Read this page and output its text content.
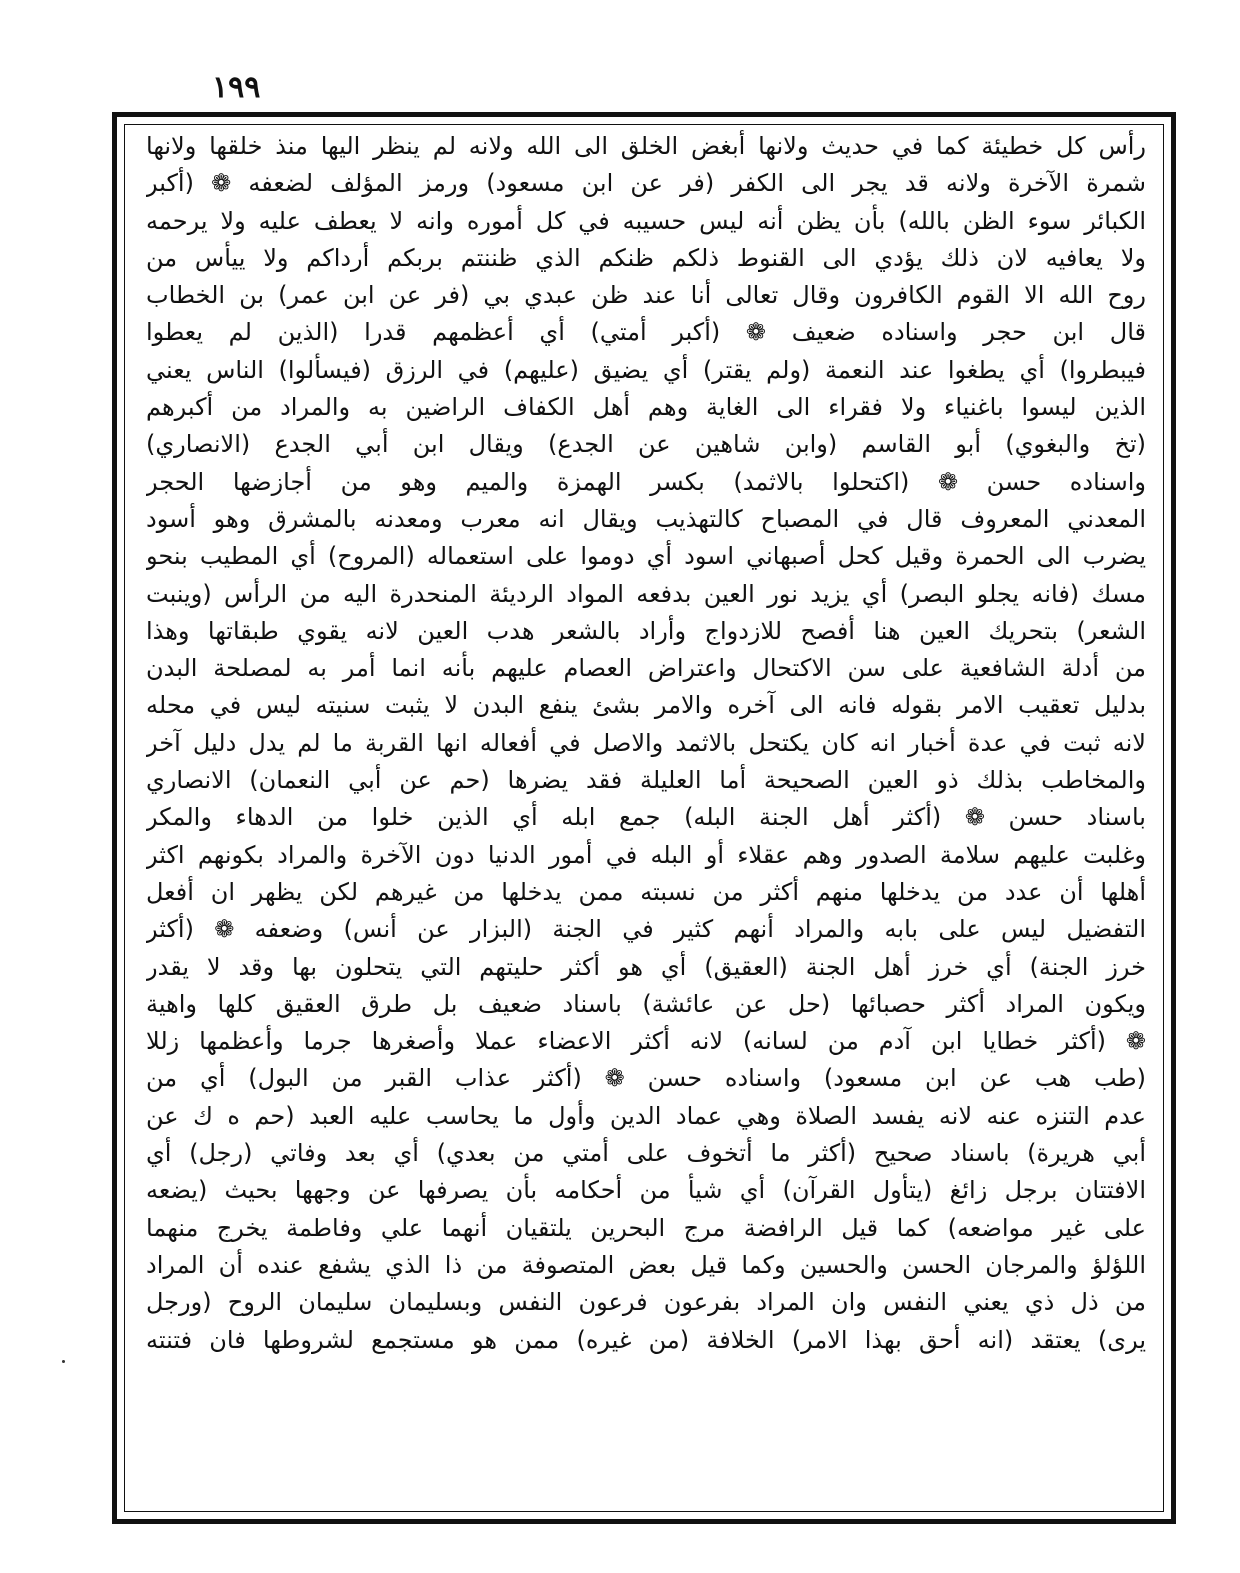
١٩٩
رأس كل خطيئة كما في حديث ولانها أبغض الخلق الى الله ولانه لم ينظر اليها منذ خلقها ولانها
شمرة الآخرة ولانه قد يجر الى الكفر (فر عن ابن مسعود) ورمز المؤلف لضعفه ❁ (أكبر
الكبائر سوء الظن بالله) بأن يظن أنه ليس حسيبه في كل أموره وانه لا يعطف عليه ولا يرحمه
ولا يعافيه لان ذلك يؤدي الى القنوط ذلكم ظنكم الذي ظننتم بربكم أرداكم ولا ييأس من
روح الله الا القوم الكافرون وقال تعالى أنا عند ظن عبدي بي (فر عن ابن عمر) بن الخطاب
قال ابن حجر واسناده ضعيف ❁ (أكبر أمتي) أي أعظمهم قدرا (الذين لم يعطوا
فيبطروا) أي يطغوا عند النعمة (ولم يقتر) أي يضيق (عليهم) في الرزق (فيسألوا) الناس يعني
الذين ليسوا باغنياء ولا فقراء الى الغاية وهم أهل الكفاف الراضين به والمراد من أكبرهم
(تخ والبغوي) أبو القاسم (وابن شاهين عن الجدع) ويقال ابن أبي الجدع (الانصاري)
واسناده حسن ❁ (اكتحلوا بالاثمد) بكسر الهمزة والميم وهو من أجازضها الحجر
المعدني المعروف قال في المصباح كالتهذيب ويقال انه معرب ومعدنه بالمشرق وهو أسود
يضرب الى الحمرة وقيل كحل أصبهاني اسود أي دوموا على استعماله (المروح) أي المطيب بنحو
مسك (فانه يجلو البصر) أي يزيد نور العين بدفعه المواد الرديئة المنحدرة اليه من الرأس (وينبت
الشعر) بتحريك العين هنا أفصح للازدواج وأراد بالشعر هدب العين لانه يقوي طبقاتها وهذا
من أدلة الشافعية على سن الاكتحال واعتراض العصام عليهم بأنه انما أمر به لمصلحة البدن
بدليل تعقيب الامر بقوله فانه الى آخره والامر بشئ ينفع البدن لا يثبت سنيته ليس في محله
لانه ثبت في عدة أخبار انه كان يكتحل بالاثمد والاصل في أفعاله انها القربة ما لم يدل دليل آخر
والمخاطب بذلك ذو العين الصحيحة أما العليلة فقد يضرها (حم عن أبي النعمان) الانصاري
باسناد حسن ❁ (أكثر أهل الجنة البله) جمع ابله أي الذين خلوا من الدهاء والمكر
وغلبت عليهم سلامة الصدور وهم عقلاء أو البله في أمور الدنيا دون الآخرة والمراد بكونهم اكثر
أهلها أن عدد من يدخلها منهم أكثر من نسبته ممن يدخلها من غيرهم لكن يظهر ان أفعل
التفضيل ليس على بابه والمراد أنهم كثير في الجنة (البزار عن أنس) وضعفه ❁ (أكثر
خرز الجنة) أي خرز أهل الجنة (العقيق) أي هو أكثر حليتهم التي يتحلون بها وقد لا يقدر
ويكون المراد أكثر حصبائها (حل عن عائشة) باسناد ضعيف بل طرق العقيق كلها واهية
❁ (أكثر خطايا ابن آدم من لسانه) لانه أكثر الاعضاء عملا وأصغرها جرما وأعظمها زللا
(طب هب عن ابن مسعود) واسناده حسن ❁ (أكثر عذاب القبر من البول) أي من
عدم التنزه عنه لانه يفسد الصلاة وهي عماد الدين وأول ما يحاسب عليه العبد (حم ه ك عن
أبي هريرة) باسناد صحيح (أكثر ما أتخوف على أمتي من بعدي) أي بعد وفاتي (رجل) أي
الافتتان برجل زائغ (يتأول القرآن) أي شيأ من أحكامه بأن يصرفها عن وجهها بحيث (يضعه
على غير مواضعه) كما قيل الرافضة مرج البحرين يلتقيان أنهما علي وفاطمة يخرج منهما
اللؤلؤ والمرجان الحسن والحسين وكما قيل بعض المتصوفة من ذا الذي يشفع عنده أن المراد
من ذل ذي يعني النفس وان المراد بفرعون فرعون النفس وبسليمان سليمان الروح (ورجل
يرى) يعتقد (انه أحق بهذا الامر) الخلافة (من غيره) ممن هو مستجمع لشروطها فان فتنته
